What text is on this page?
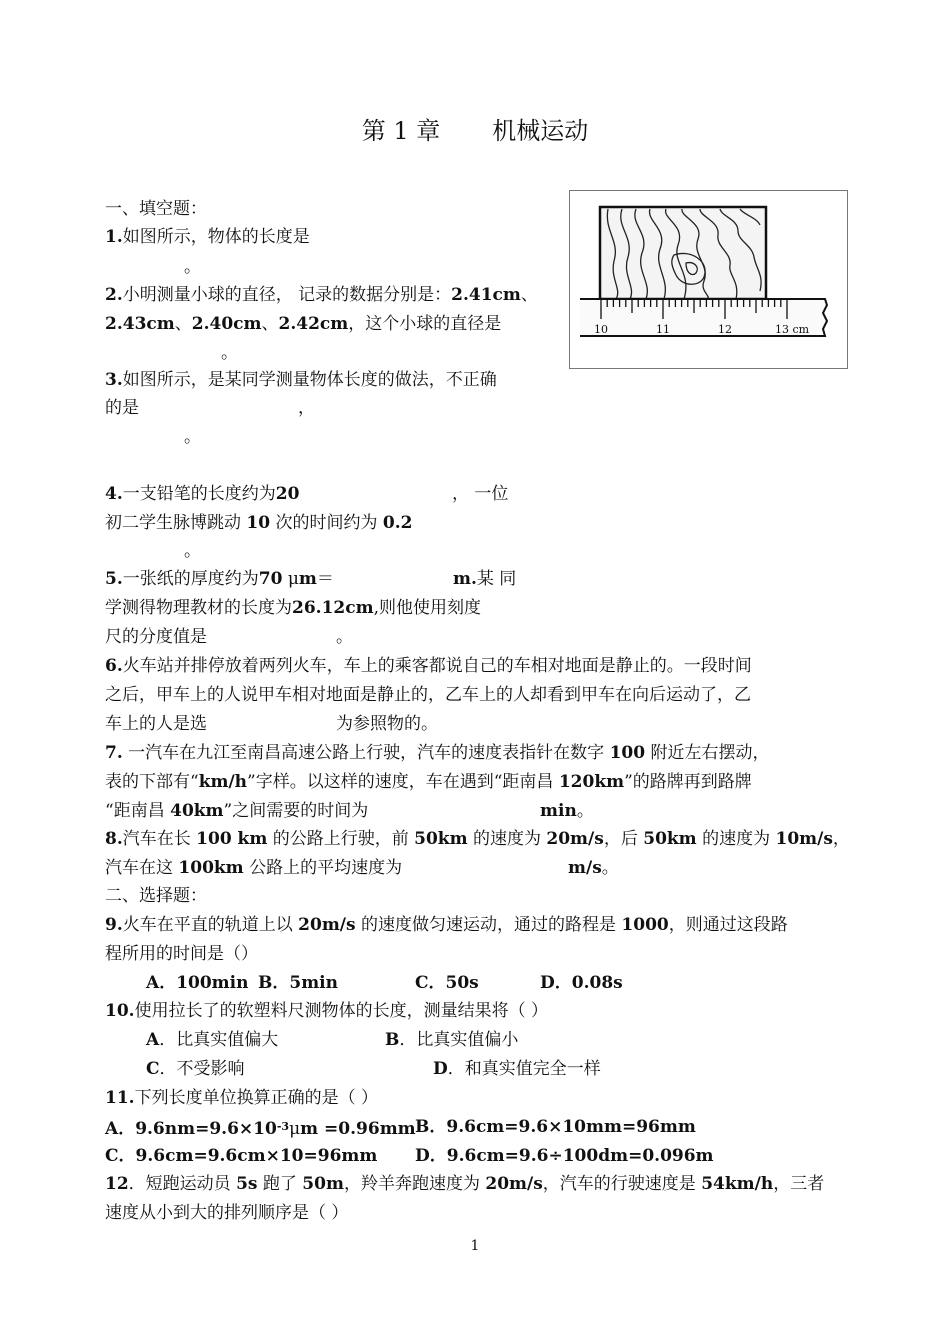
第 1 章 机械运动
一、填空题：
1.如图所示，物体的长度是
。
10	11	12	13 cm
2.小明测量小球的直径， 记录的数据分别是：2.41cm、
2.43cm、2.40cm、2.42cm，这个小球的直径是
。
3.如图所示，是某同学测量物体长度的做法，不正确
的是	，
。
4.一支铅笔的长度约为20	， 一位
初二学生脉博跳动 10 次的时间约为 0.2
。
5.一张纸的厚度约为70 μm＝	m.某 同
学测得物理教材的长度为26.12cm,则他使用刻度
尺的分度值是	。
6.火车站并排停放着两列火车，车上的乘客都说自己的车相对地面是静止的。一段时间
之后，甲车上的人说甲车相对地面是静止的，乙车上的人却看到甲车在向后运动了，乙
车上的人是选	为参照物的。
7. 一汽车在九江至南昌高速公路上行驶，汽车的速度表指针在数字 100 附近左右摆动，
表的下部有“km/h”字样。以这样的速度，车在遇到“距南昌 120km”的路牌再到路牌
“距南昌 40km”之间需要的时间为	min。
8.汽车在长 100 km 的公路上行驶，前 50km 的速度为 20m/s，后 50km 的速度为 10m/s，
汽车在这 100km 公路上的平均速度为	m/s。
二、选择题：
9.火车在平直的轨道上以 20m/s 的速度做匀速运动，通过的路程是 1000，则通过这段路
程所用的时间是（）
A．100min B．5min	C．50s	D．0.08s
10.使用拉长了的软塑料尺测物体的长度，测量结果将（ ）
A．比真实值偏大	B．比真实值偏小
C．不受影响	D．和真实值完全一样
11.下列长度单位换算正确的是（ ）
A．$9.6nm=9.6\times 10^{-3}\mu m =0.96mm$ B．9.6cm=9.6×10mm=96mm
C．9.6cm=9.6cm×10=96mm D．9.6cm=9.6÷100dm=0.096m
12．短跑运动员 5s 跑了 50m，羚羊奔跑速度为 20m/s，汽车的行驶速度是 54km/h，三者
速度从小到大的排列顺序是（ ）
1
